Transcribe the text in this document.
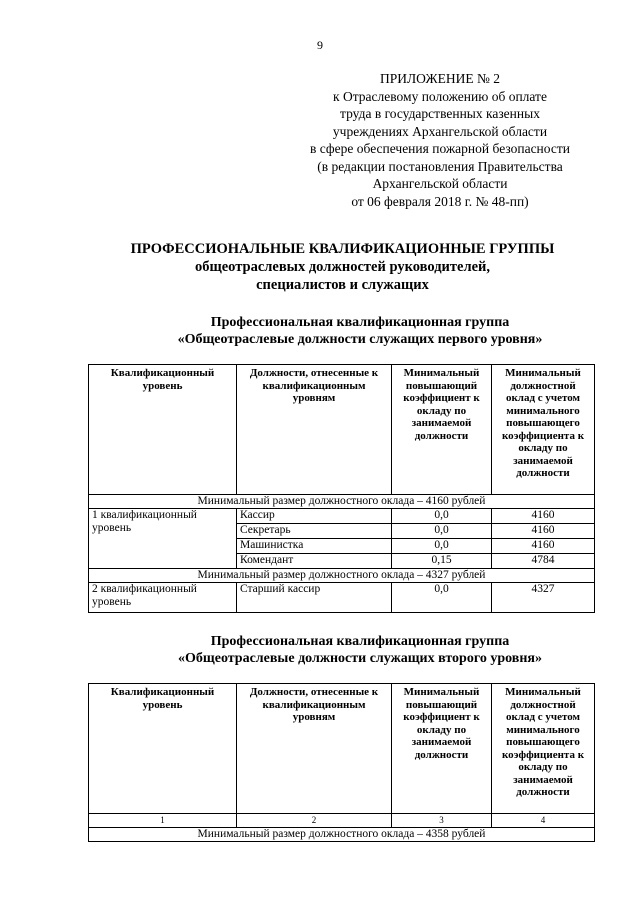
9
ПРИЛОЖЕНИЕ № 2
к Отраслевому положению об оплате
труда в государственных казенных
учреждениях Архангельской области
в сфере обеспечения пожарной безопасности
(в редакции постановления Правительства
Архангельской области
от 06 февраля 2018 г. № 48-пп)
ПРОФЕССИОНАЛЬНЫЕ КВАЛИФИКАЦИОННЫЕ ГРУППЫ
общеотраслевых должностей руководителей,
специалистов и служащих
Профессиональная квалификационная группа
«Общеотраслевые должности служащих первого уровня»
Квалификационный уровень	Должности, отнесенные к квалификационным уровням	Минимальный повышающий коэффициент к окладу по занимаемой должности	Минимальный должностной оклад с учетом минимального повышающего коэффициента к окладу по занимаемой должности
Минимальный размер должностного оклада – 4160 рублей			
1 квалификационный уровень	Кассир	0,0	4160
	Секретарь	0,0	4160
	Машинистка	0,0	4160
	Комендант	0,15	4784
Минимальный размер должностного оклада – 4327 рублей			
2 квалификационный уровень	Старший кассир	0,0	4327
Профессиональная квалификационная группа
«Общеотраслевые должности служащих второго уровня»
Квалификационный уровень	Должности, отнесенные к квалификационным уровням	Минимальный повышающий коэффициент к окладу по занимаемой должности	Минимальный должностной оклад с учетом минимального повышающего коэффициента к окладу по занимаемой должности
1	2	3	4
Минимальный размер должностного оклада – 4358 рублей			
